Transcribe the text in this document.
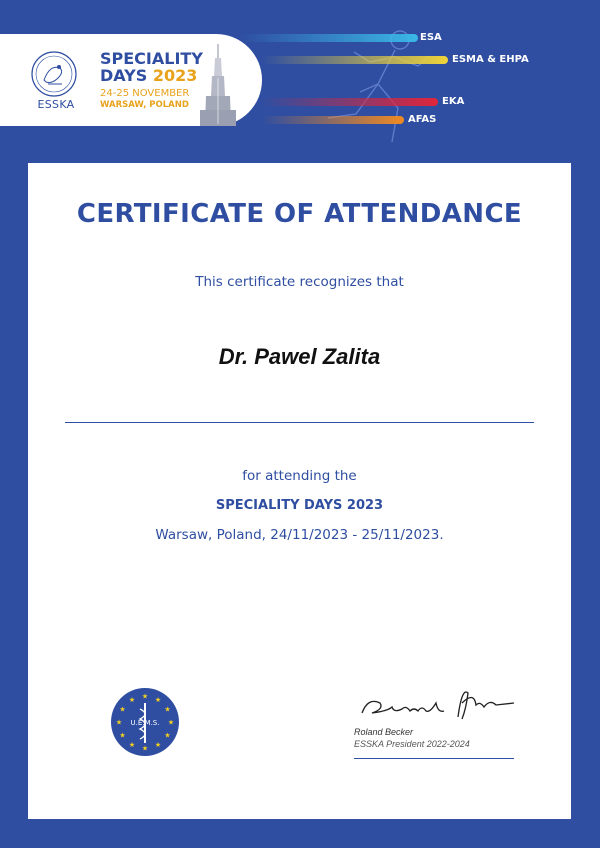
ESSKA
SPECIALITY
DAYS 2023
24-25 NOVEMBER
WARSAW, POLAND
ESA
ESMA & EHPA
EKA
AFAS
CERTIFICATE OF ATTENDANCE
This certificate recognizes that
Dr. Pawel Zalita
for attending the
SPECIALITY DAYS 2023
Warsaw, Poland, 24/11/2023 - 25/11/2023.
★ ★
★
★
★
★
★
★
★
★
★
★
U.E.M.S.
Roland Becker
ESSKA President 2022-2024
